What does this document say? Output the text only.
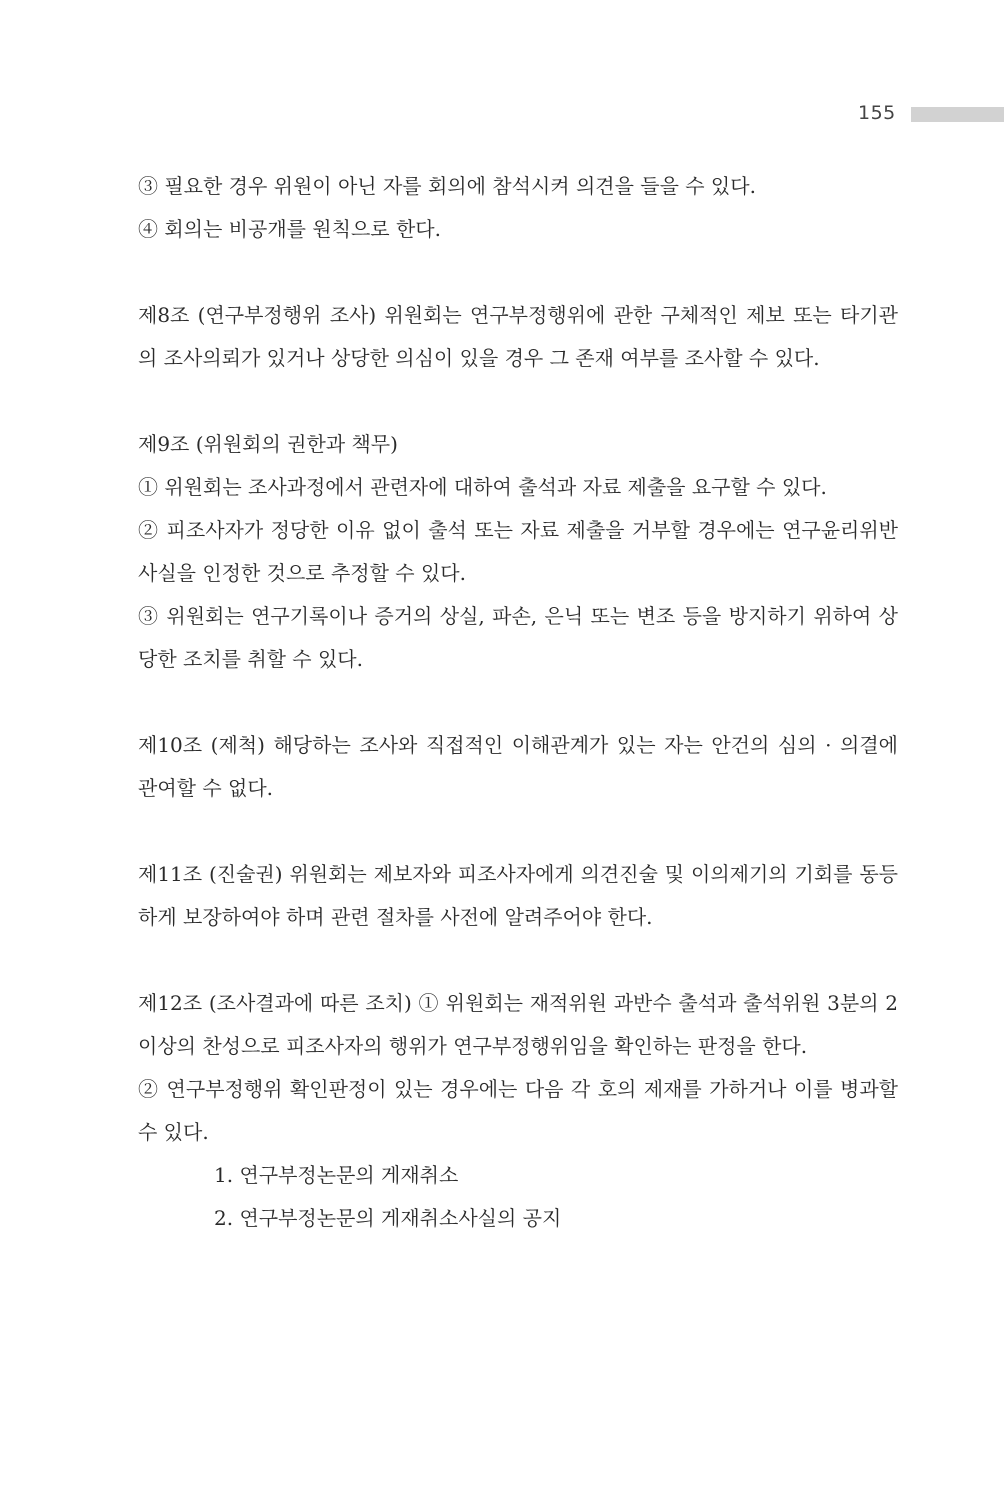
155

③ 필요한 경우 위원이 아닌 자를 회의에 참석시켜 의견을 들을 수 있다.

④ 회의는 비공개를 원칙으로 한다.

제8조 (연구부정행위 조사) 위원회는 연구부정행위에 관한 구체적인 제보 또는 타기관의 조사의뢰가 있거나 상당한 의심이 있을 경우 그 존재 여부를 조사할 수 있다.

제9조 (위원회의 권한과 책무)

① 위원회는 조사과정에서 관련자에 대하여 출석과 자료 제출을 요구할 수 있다.

② 피조사자가 정당한 이유 없이 출석 또는 자료 제출을 거부할 경우에는 연구윤리위반 사실을 인정한 것으로 추정할 수 있다.

③ 위원회는 연구기록이나 증거의 상실, 파손, 은닉 또는 변조 등을 방지하기 위하여 상당한 조치를 취할 수 있다.

제10조 (제척) 해당하는 조사와 직접적인 이해관계가 있는 자는 안건의 심의 · 의결에 관여할 수 없다.

제11조 (진술권) 위원회는 제보자와 피조사자에게 의견진술 및 이의제기의 기회를 동등하게 보장하여야 하며 관련 절차를 사전에 알려주어야 한다.

제12조 (조사결과에 따른 조치) ① 위원회는 재적위원 과반수 출석과 출석위원 3분의 2 이상의 찬성으로 피조사자의 행위가 연구부정행위임을 확인하는 판정을 한다.

② 연구부정행위 확인판정이 있는 경우에는 다음 각 호의 제재를 가하거나 이를 병과할 수 있다.

1. 연구부정논문의 게재취소
2. 연구부정논문의 게재취소사실의 공지
